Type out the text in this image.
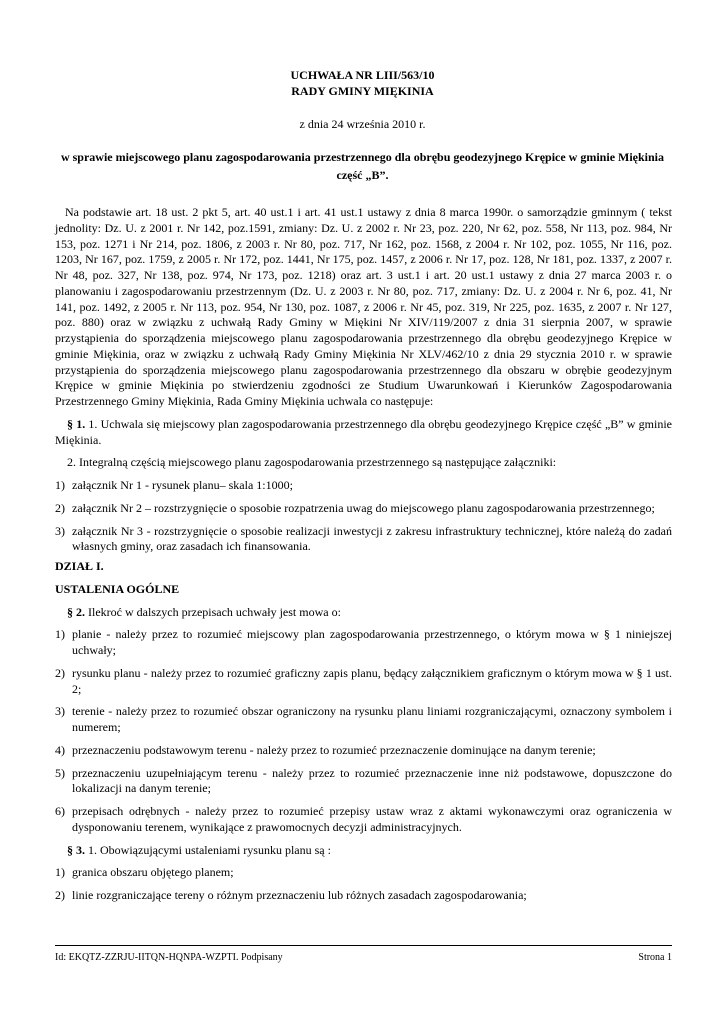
UCHWAŁA NR LIII/563/10
RADY GMINY MIĘKINIA
z dnia 24 września 2010 r.
w sprawie miejscowego planu zagospodarowania przestrzennego dla obrębu geodezyjnego Krępice w gminie Miękinia część „B”.

Na podstawie art. 18 ust. 2 pkt 5, art. 40 ust.1 i art. 41 ust.1 ustawy z dnia 8 marca 1990r. o samorządzie gminnym ( tekst jednolity: Dz. U. z 2001 r. Nr 142, poz.1591, zmiany: Dz. U. z 2002 r. Nr 23, poz. 220, Nr 62, poz. 558, Nr 113, poz. 984, Nr 153, poz. 1271 i Nr 214, poz. 1806, z 2003 r. Nr 80, poz. 717, Nr 162, poz. 1568, z 2004 r. Nr 102, poz. 1055, Nr 116, poz. 1203, Nr 167, poz. 1759, z 2005 r. Nr 172, poz. 1441, Nr 175, poz. 1457, z 2006 r. Nr 17, poz. 128, Nr 181, poz. 1337, z 2007 r. Nr 48, poz. 327, Nr 138, poz. 974, Nr 173, poz. 1218) oraz art. 3 ust.1 i art. 20 ust.1 ustawy z dnia 27 marca 2003 r. o planowaniu i zagospodarowaniu przestrzennym (Dz. U. z 2003 r. Nr 80, poz. 717, zmiany: Dz. U. z 2004 r. Nr 6, poz. 41, Nr 141, poz. 1492, z 2005 r. Nr 113, poz. 954, Nr 130, poz. 1087, z 2006 r. Nr 45, poz. 319, Nr 225, poz. 1635, z 2007 r. Nr 127, poz. 880) oraz w związku z uchwałą Rady Gminy w Miękini Nr XIV/119/2007 z dnia 31 sierpnia 2007, w sprawie przystąpienia do sporządzenia miejscowego planu zagospodarowania przestrzennego dla obrębu geodezyjnego Krępice w gminie Miękinia, oraz w związku z uchwałą Rady Gminy Miękinia Nr XLV/462/10 z dnia 29 stycznia 2010 r. w sprawie przystąpienia do sporządzenia miejscowego planu zagospodarowania przestrzennego dla obszaru w obrębie geodezyjnym Krępice w gminie Miękinia po stwierdzeniu zgodności ze Studium Uwarunkowań i Kierunków Zagospodarowania Przestrzennego Gminy Miękinia, Rada Gminy Miękinia uchwala co następuje:

§ 1. 1. Uchwala się miejscowy plan zagospodarowania przestrzennego dla obrębu geodezyjnego Krępice część „B” w gminie Miękinia.

2. Integralną częścią miejscowego planu zagospodarowania przestrzennego są następujące załączniki:

1) załącznik Nr 1 - rysunek planu– skala 1:1000;
2) załącznik Nr 2 – rozstrzygnięcie o sposobie rozpatrzenia uwag do miejscowego planu zagospodarowania przestrzennego;
3) załącznik Nr 3 - rozstrzygnięcie o sposobie realizacji inwestycji z zakresu infrastruktury technicznej, które należą do zadań własnych gminy, oraz zasadach ich finansowania.

DZIAŁ I.

USTALENIA OGÓLNE

§ 2. Ilekroć w dalszych przepisach uchwały jest mowa o:

1) planie - należy przez to rozumieć miejscowy plan zagospodarowania przestrzennego, o którym mowa w § 1 niniejszej uchwały;
2) rysunku planu - należy przez to rozumieć graficzny zapis planu, będący załącznikiem graficznym o którym mowa w § 1 ust. 2;
3) terenie - należy przez to rozumieć obszar ograniczony na rysunku planu liniami rozgraniczającymi, oznaczony symbolem i numerem;
4) przeznaczeniu podstawowym terenu - należy przez to rozumieć przeznaczenie dominujące na danym terenie;
5) przeznaczeniu uzupełniającym terenu - należy przez to rozumieć przeznaczenie inne niż podstawowe, dopuszczone do lokalizacji na danym terenie;
6) przepisach odrębnych - należy przez to rozumieć przepisy ustaw wraz z aktami wykonawczymi oraz ograniczenia w dysponowaniu terenem, wynikające z prawomocnych decyzji administracyjnych.

§ 3. 1. Obowiązującymi ustaleniami rysunku planu są :

1) granica obszaru objętego planem;
2) linie rozgraniczające tereny o różnym przeznaczeniu lub różnych zasadach zagospodarowania;
Id: EKQTZ-ZZRJU-IITQN-HQNPA-WZPTI. Podpisany	Strona 1
